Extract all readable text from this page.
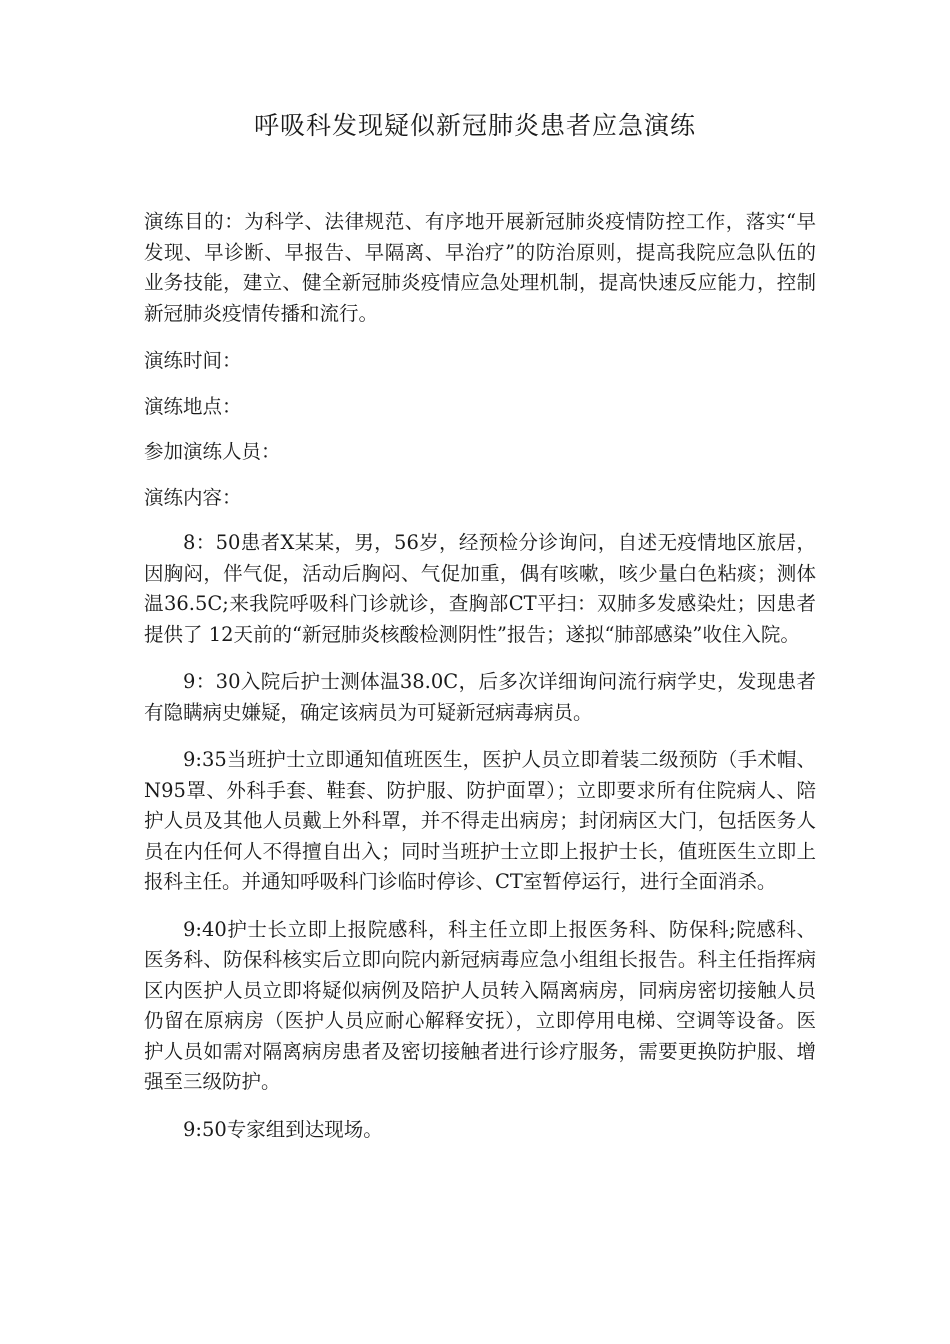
呼吸科发现疑似新冠肺炎患者应急演练

演练目的：为科学、法律规范、有序地开展新冠肺炎疫情防控工作，落实“早发现、早诊断、早报告、早隔离、早治疗”的防治原则，提高我院应急队伍的业务技能，建立、健全新冠肺炎疫情应急处理机制，提高快速反应能力，控制新冠肺炎疫情传播和流行。

演练时间：

演练地点：

参加演练人员：

演练内容：

8：50患者X某某，男，56岁，经预检分诊询问，自述无疫情地区旅居，因胸闷，伴气促，活动后胸闷、气促加重，偶有咳嗽，咳少量白色粘痰；测体温36.5C;来我院呼吸科门诊就诊，查胸部CT平扫：双肺多发感染灶；因患者提供了 12天前的“新冠肺炎核酸检测阴性”报告；遂拟“肺部感染”收住入院。

9：30入院后护士测体温38.0C，后多次详细询问流行病学史，发现患者有隐瞒病史嫌疑，确定该病员为可疑新冠病毒病员。

9:35当班护士立即通知值班医生，医护人员立即着装二级预防（手术帽、N95罩、外科手套、鞋套、防护服、防护面罩）；立即要求所有住院病人、陪护人员及其他人员戴上外科罩，并不得走出病房；封闭病区大门，包括医务人员在内任何人不得擅自出入；同时当班护士立即上报护士长，值班医生立即上报科主任。并通知呼吸科门诊临时停诊、CT室暂停运行，进行全面消杀。

9:40护士长立即上报院感科，科主任立即上报医务科、防保科;院感科、医务科、防保科核实后立即向院内新冠病毒应急小组组长报告。科主任指挥病区内医护人员立即将疑似病例及陪护人员转入隔离病房，同病房密切接触人员仍留在原病房（医护人员应耐心解释安抚），立即停用电梯、空调等设备。医护人员如需对隔离病房患者及密切接触者进行诊疗服务，需要更换防护服、增强至三级防护。

9:50专家组到达现场。
